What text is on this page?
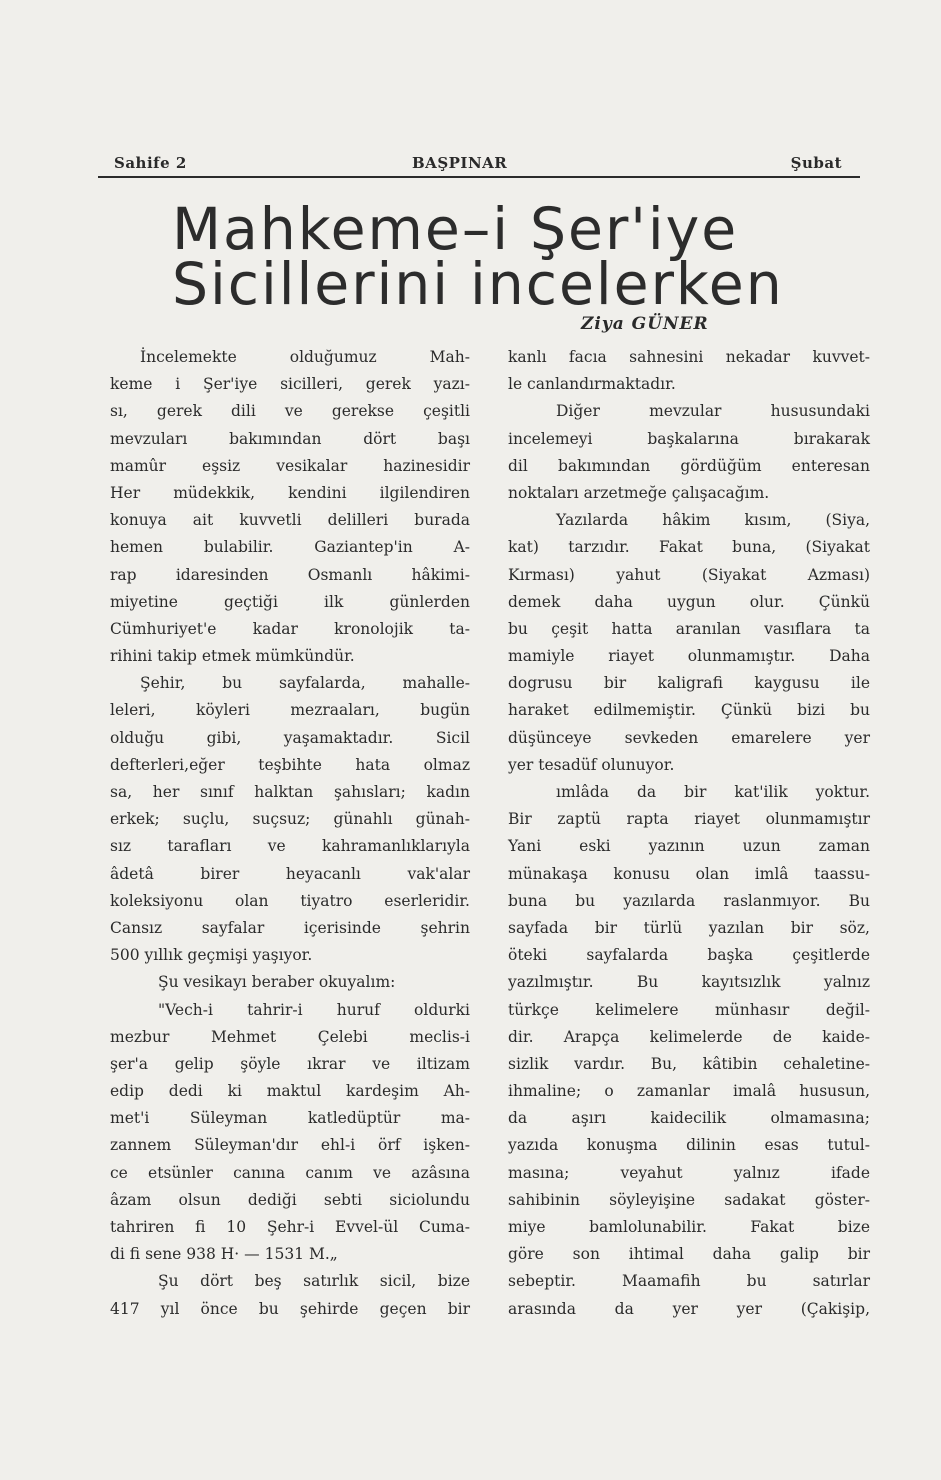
Sahife 2	BAŞPINAR	Şubat
Mahkeme–i Şer'iye
Sicillerini incelerken
Ziya GÜNER
İncelemekte olduğumuz Mah-
keme i Şer'iye sicilleri, gerek yazı-
sı, gerek dili ve gerekse çeşitli
mevzuları bakımından dört başı
mamûr eşsiz vesikalar hazinesidir
Her müdekkik, kendini ilgilendiren
konuya ait kuvvetli delilleri burada
hemen bulabilir. Gaziantep'in A-
rap idaresinden Osmanlı hâkimi-
miyetine geçtiği ilk günlerden
Cümhuriyet'e kadar kronolojik ta-
rihini takip etmek mümkündür.
Şehir, bu sayfalarda, mahalle-
leleri, köyleri mezraaları, bugün
olduğu gibi, yaşamaktadır. Sicil
defterleri,eğer teşbihte hata olmaz
sa, her sınıf halktan şahısları; kadın
erkek; suçlu, suçsuz; günahlı günah-
sız tarafları ve kahramanlıklarıyla
âdetâ birer heyacanlı vak'alar
koleksiyonu olan tiyatro eserleridir.
Cansız sayfalar içerisinde şehrin
500 yıllık geçmişi yaşıyor.
Şu vesikayı beraber okuyalım:
"Vech-i tahrir-i huruf oldurki
mezbur Mehmet Çelebi meclis-i
şer'a gelip şöyle ıkrar ve iltizam
edip dedi ki maktul kardeşim Ah-
met'i Süleyman katledüptür ma-
zannem Süleyman'dır ehl-i örf işken-
ce etsünler canına canım ve azâsına
âzam olsun dediği sebti siciolundu
tahriren fi 10 Şehr-i Evvel-ül Cuma-
di fi sene 938 H· — 1531 M.„
Şu dört beş satırlık sicil, bize
417 yıl önce bu şehirde geçen bir
kanlı facıa sahnesini nekadar kuvvet-
le canlandırmaktadır.
Diğer mevzular hususundaki
incelemeyi başkalarına bırakarak
dil bakımından gördüğüm enteresan
noktaları arzetmeğe çalışacağım.
Yazılarda hâkim kısım, (Siya,
kat) tarzıdır. Fakat buna, (Siyakat
Kırması) yahut (Siyakat Azması)
demek daha uygun olur. Çünkü
bu çeşit hatta aranılan vasıflara ta
mamiyle riayet olunmamıştır. Daha
dogrusu bir kaligrafi kaygusu ile
haraket edilmemiştir. Çünkü bizi bu
düşünceye sevkeden emarelere yer
yer tesadüf olunuyor.
ımlâda da bir kat'ilik yoktur.
Bir zaptü rapta riayet olunmamıştır
Yani eski yazının uzun zaman
münakaşa konusu olan imlâ taassu-
buna bu yazılarda raslanmıyor. Bu
sayfada bir türlü yazılan bir söz,
öteki sayfalarda başka çeşitlerde
yazılmıştır. Bu kayıtsızlık yalnız
türkçe kelimelere münhasır değil-
dir. Arapça kelimelerde de kaide-
sizlik vardır. Bu, kâtibin cehaletine-
ihmaline; o zamanlar imalâ hususun,
da aşırı kaidecilik olmamasına;
yazıda konuşma dilinin esas tutul-
masına; veyahut yalnız ifade
sahibinin söyleyişine sadakat göster-
miye bamlolunabilir. Fakat bize
göre son ihtimal daha galip bir
sebeptir. Maamafih bu satırlar
arasında da yer yer (Çakişip,
